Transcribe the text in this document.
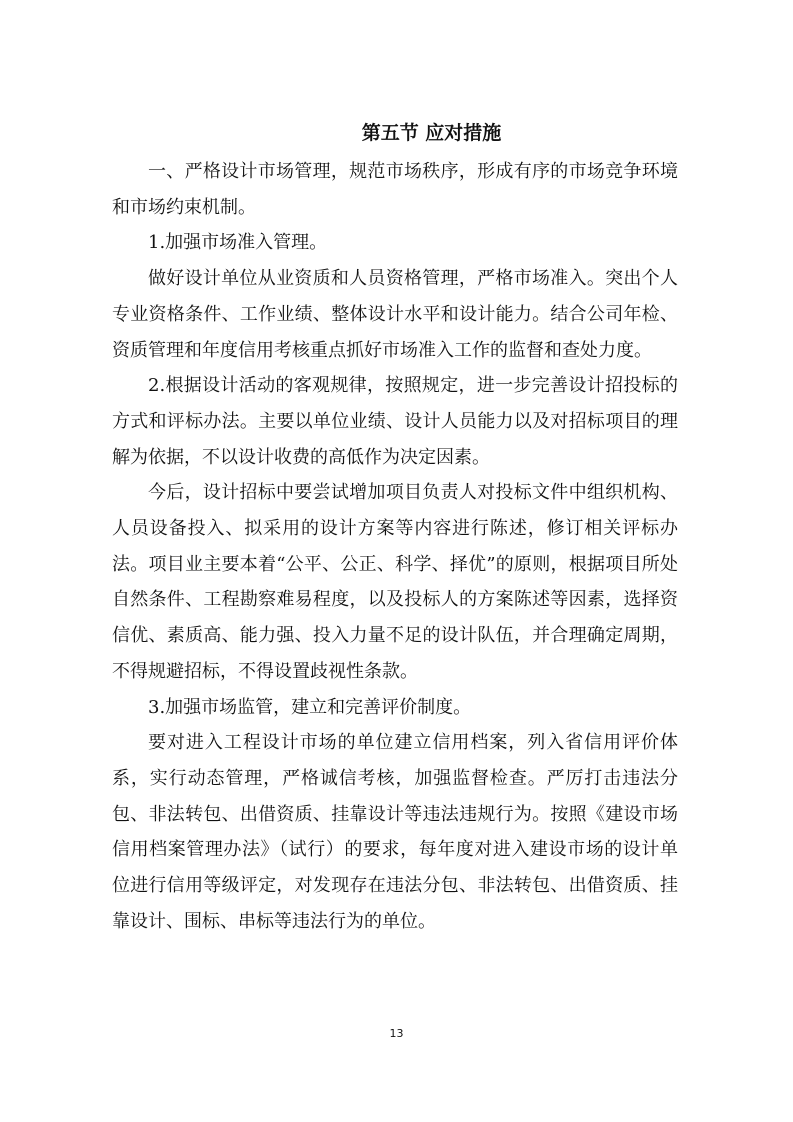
第五节 应对措施

一、严格设计市场管理，规范市场秩序，形成有序的市场竞争环境和市场约束机制。

1.加强市场准入管理。

做好设计单位从业资质和人员资格管理，严格市场准入。突出个人专业资格条件、工作业绩、整体设计水平和设计能力。结合公司年检、资质管理和年度信用考核重点抓好市场准入工作的监督和查处力度。

2.根据设计活动的客观规律，按照规定，进一步完善设计招投标的方式和评标办法。主要以单位业绩、设计人员能力以及对招标项目的理解为依据，不以设计收费的高低作为决定因素。

今后，设计招标中要尝试增加项目负责人对投标文件中组织机构、人员设备投入、拟采用的设计方案等内容进行陈述，修订相关评标办法。项目业主要本着“公平、公正、科学、择优”的原则，根据项目所处自然条件、工程勘察难易程度，以及投标人的方案陈述等因素，选择资信优、素质高、能力强、投入力量不足的设计队伍，并合理确定周期，不得规避招标，不得设置歧视性条款。

3.加强市场监管，建立和完善评价制度。

要对进入工程设计市场的单位建立信用档案，列入省信用评价体系，实行动态管理，严格诚信考核，加强监督检查。严厉打击违法分包、非法转包、出借资质、挂靠设计等违法违规行为。按照《建设市场信用档案管理办法》（试行）的要求，每年度对进入建设市场的设计单位进行信用等级评定，对发现存在违法分包、非法转包、出借资质、挂靠设计、围标、串标等违法行为的单位。

13
